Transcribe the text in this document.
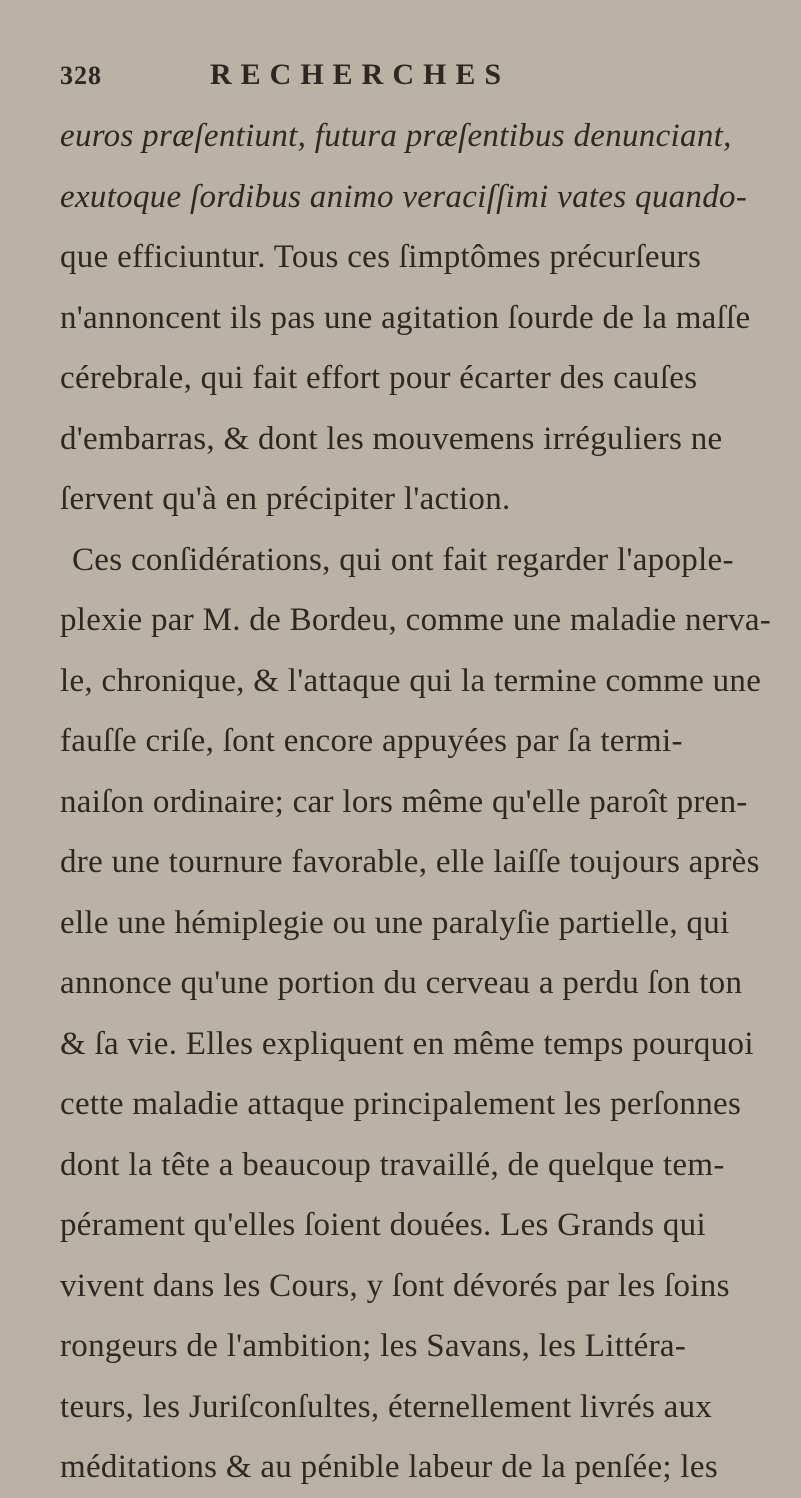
328	RECHERCHES
euros præſentiunt, futura præſentibus denunciant,
exutoque ſordibus animo veraciſſimi vates quando-
que efficiuntur. Tous ces ſimptômes précurſeurs
n'annoncent ils pas une agitation ſourde de la maſſe
cérebrale, qui fait effort pour écarter des cauſes
d'embarras, & dont les mouvemens irréguliers ne
ſervent qu'à en précipiter l'action.
Ces conſidérations, qui ont fait regarder l'apople-
plexie par M. de Bordeu, comme une maladie nerva-
le, chronique, & l'attaque qui la termine comme une
fauſſe criſe, ſont encore appuyées par ſa termi-
naiſon ordinaire; car lors même qu'elle paroît pren-
dre une tournure favorable, elle laiſſe toujours après
elle une hémiplegie ou une paralyſie partielle, qui
annonce qu'une portion du cerveau a perdu ſon ton
& ſa vie. Elles expliquent en même temps pourquoi
cette maladie attaque principalement les perſonnes
dont la tête a beaucoup travaillé, de quelque tem-
pérament qu'elles ſoient douées. Les Grands qui
vivent dans les Cours, y ſont dévorés par les ſoins
rongeurs de l'ambition; les Savans, les Littéra-
teurs, les Juriſconſultes, éternellement livrés aux
méditations & au pénible labeur de la penſée; les
